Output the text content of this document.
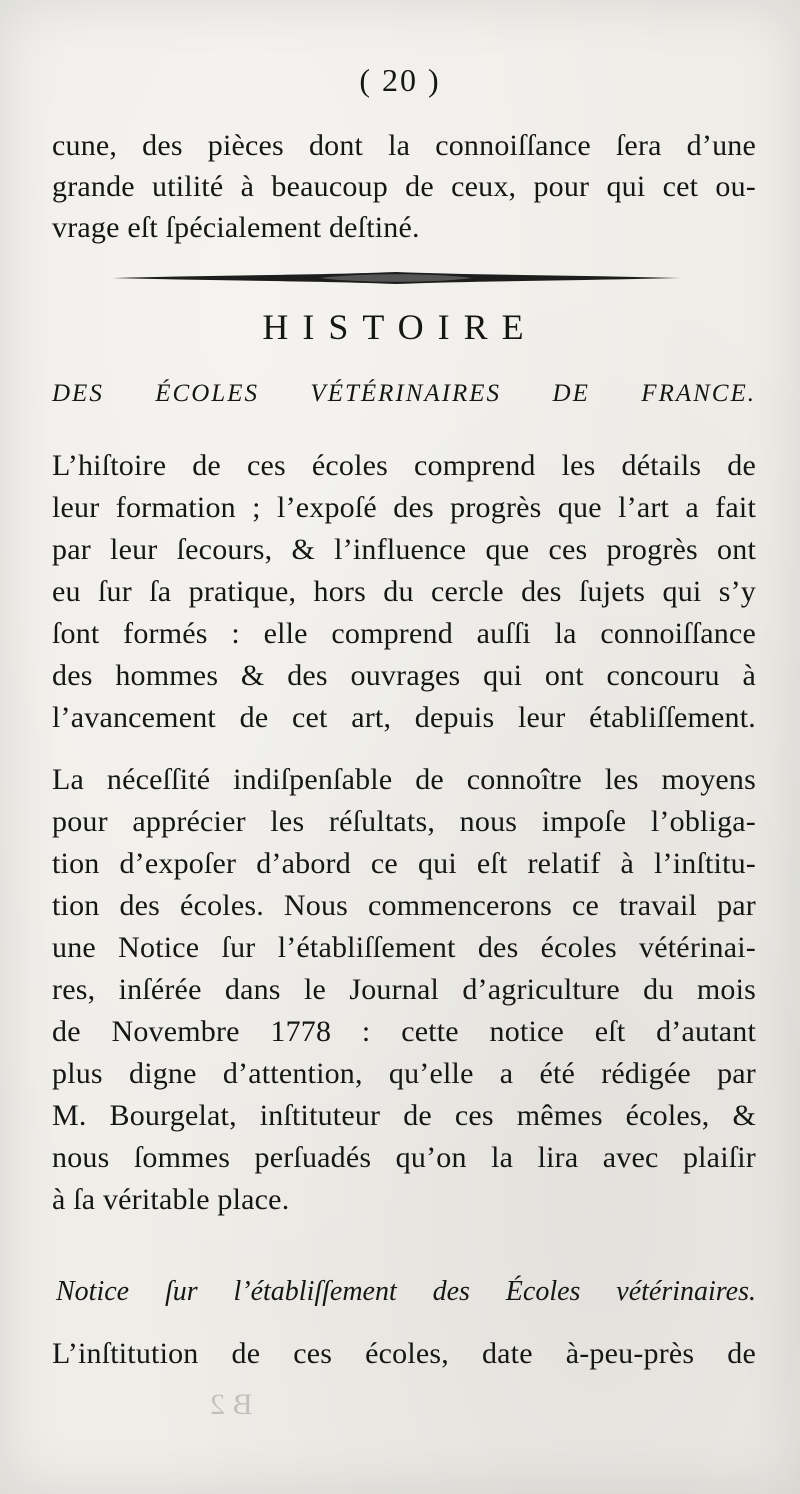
( 20 )
cune, des pièces dont la connoiſſance ſera d’une
grande utilité à beaucoup de ceux, pour qui cet ou-
vrage eſt ſpécialement deſtiné.
HISTOIRE
DES ÉCOLES VÉTÉRINAIRES DE FRANCE.
L’hiſtoire de ces écoles comprend les détails de
leur formation ; l’expoſé des progrès que l’art a fait
par leur ſecours, & l’influence que ces progrès ont
eu ſur ſa pratique, hors du cercle des ſujets qui s’y
ſont formés : elle comprend auſſi la connoiſſance
des hommes & des ouvrages qui ont concouru à
l’avancement de cet art, depuis leur établiſſement.
La néceſſité indiſpenſable de connoître les moyens
pour apprécier les réſultats, nous impoſe l’obliga-
tion d’expoſer d’abord ce qui eſt relatif à l’inſtitu-
tion des écoles. Nous commencerons ce travail par
une Notice ſur l’établiſſement des écoles vétérinai-
res, inſérée dans le Journal d’agriculture du mois
de Novembre 1778 : cette notice eſt d’autant
plus digne d’attention, qu’elle a été rédigée par
M. Bourgelat, inſtituteur de ces mêmes écoles, &
nous ſommes perſuadés qu’on la lira avec plaiſir
à ſa véritable place.
Notice ſur l’établiſſement des Écoles vétérinaires.
L’inſtitution de ces écoles, date à-peu-près de
B 2
